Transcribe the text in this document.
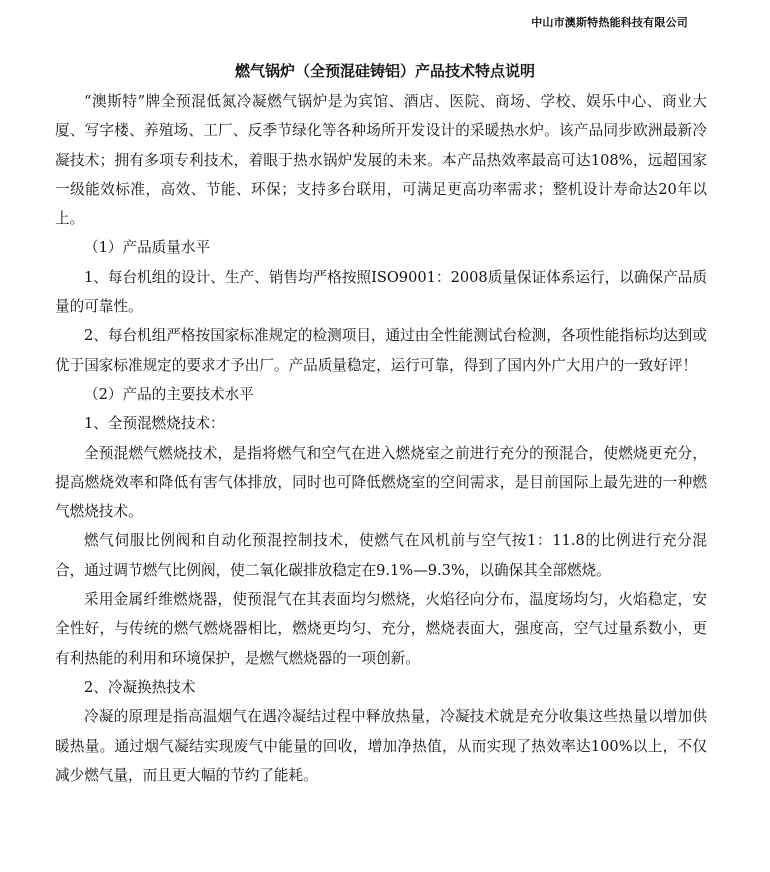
中山市澳斯特热能科技有限公司
燃气锅炉（全预混硅铸铝）产品技术特点说明

“澳斯特”牌全预混低氮冷凝燃气锅炉是为宾馆、酒店、医院、商场、学校、娱乐中心、商业大厦、写字楼、养殖场、工厂、反季节绿化等各种场所开发设计的采暖热水炉。该产品同步欧洲最新冷凝技术；拥有多项专利技术，着眼于热水锅炉发展的未来。本产品热效率最高可达108%，远超国家一级能效标准，高效、节能、环保；支持多台联用，可满足更高功率需求；整机设计寿命达20年以上。

（1）产品质量水平

1、每台机组的设计、生产、销售均严格按照ISO9001：2008质量保证体系运行，以确保产品质量的可靠性。

2、每台机组严格按国家标准规定的检测项目，通过由全性能测试台检测，各项性能指标均达到或优于国家标准规定的要求才予出厂。产品质量稳定，运行可靠，得到了国内外广大用户的一致好评！

（2）产品的主要技术水平

1、全预混燃烧技术：

全预混燃气燃烧技术，是指将燃气和空气在进入燃烧室之前进行充分的预混合，使燃烧更充分，提高燃烧效率和降低有害气体排放，同时也可降低燃烧室的空间需求，是目前国际上最先进的一种燃气燃烧技术。

燃气伺服比例阀和自动化预混控制技术，使燃气在风机前与空气按1：11.8的比例进行充分混合，通过调节燃气比例阀，使二氧化碳排放稳定在9.1%—9.3%，以确保其全部燃烧。

采用金属纤维燃烧器，使预混气在其表面均匀燃烧，火焰径向分布，温度场均匀，火焰稳定，安全性好，与传统的燃气燃烧器相比，燃烧更均匀、充分，燃烧表面大，强度高，空气过量系数小，更有利热能的利用和环境保护，是燃气燃烧器的一项创新。

2、冷凝换热技术

冷凝的原理是指高温烟气在遇冷凝结过程中释放热量，冷凝技术就是充分收集这些热量以增加供暖热量。通过烟气凝结实现废气中能量的回收，增加净热值，从而实现了热效率达100%以上，不仅减少燃气量，而且更大幅的节约了能耗。
